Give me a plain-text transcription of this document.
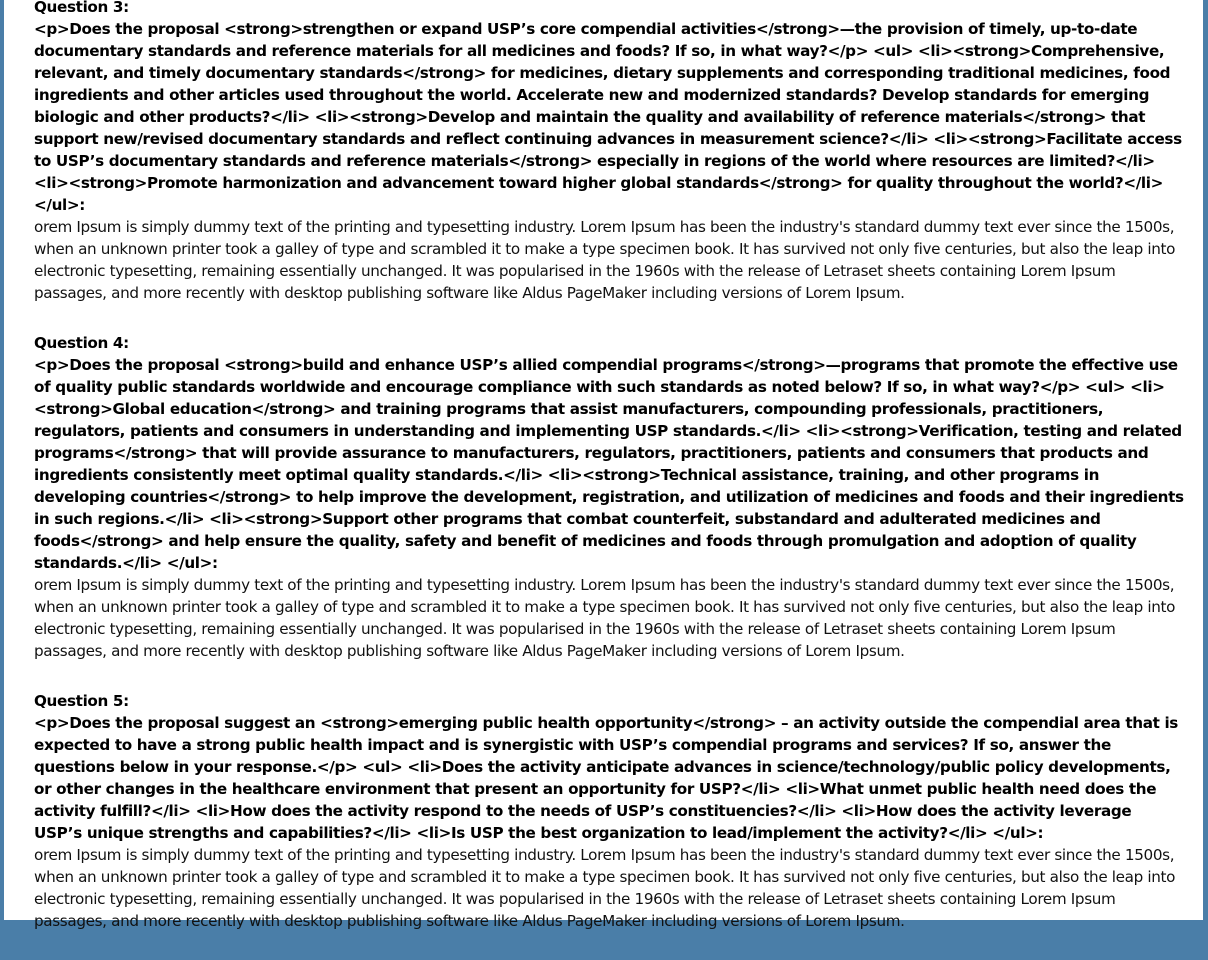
Question 3:
<p>Does the proposal <strong>strengthen or expand USP’s core compendial activities</strong>—the provision of timely, up-to-date documentary standards and reference materials for all medicines and foods? If so, in what way?</p> <ul> <li><strong>Comprehensive, relevant, and timely documentary standards</strong> for medicines, dietary supplements and corresponding traditional medicines, food ingredients and other articles used throughout the world. Accelerate new and modernized standards? Develop standards for emerging biologic and other products?</li> <li><strong>Develop and maintain the quality and availability of reference materials</strong> that support new/revised documentary standards and reflect continuing advances in measurement science?</li> <li><strong>Facilitate access to USP’s documentary standards and reference materials</strong> especially in regions of the world where resources are limited?</li> <li><strong>Promote harmonization and advancement toward higher global standards</strong> for quality throughout the world?</li> </ul>:
orem Ipsum is simply dummy text of the printing and typesetting industry. Lorem Ipsum has been the industry's standard dummy text ever since the 1500s, when an unknown printer took a galley of type and scrambled it to make a type specimen book. It has survived not only five centuries, but also the leap into electronic typesetting, remaining essentially unchanged. It was popularised in the 1960s with the release of Letraset sheets containing Lorem Ipsum passages, and more recently with desktop publishing software like Aldus PageMaker including versions of Lorem Ipsum.
Question 4:
<p>Does the proposal <strong>build and enhance USP’s allied compendial programs</strong>—programs that promote the effective use of quality public standards worldwide and encourage compliance with such standards as noted below? If so, in what way?</p> <ul> <li><strong>Global education</strong> and training programs that assist manufacturers, compounding professionals, practitioners, regulators, patients and consumers in understanding and implementing USP standards.</li> <li><strong>Verification, testing and related programs</strong> that will provide assurance to manufacturers, regulators, practitioners, patients and consumers that products and ingredients consistently meet optimal quality standards.</li> <li><strong>Technical assistance, training, and other programs in developing countries</strong> to help improve the development, registration, and utilization of medicines and foods and their ingredients in such regions.</li> <li><strong>Support other programs that combat counterfeit, substandard and adulterated medicines and foods</strong> and help ensure the quality, safety and benefit of medicines and foods through promulgation and adoption of quality standards.</li> </ul>:
orem Ipsum is simply dummy text of the printing and typesetting industry. Lorem Ipsum has been the industry's standard dummy text ever since the 1500s, when an unknown printer took a galley of type and scrambled it to make a type specimen book. It has survived not only five centuries, but also the leap into electronic typesetting, remaining essentially unchanged. It was popularised in the 1960s with the release of Letraset sheets containing Lorem Ipsum passages, and more recently with desktop publishing software like Aldus PageMaker including versions of Lorem Ipsum.
Question 5:
<p>Does the proposal suggest an <strong>emerging public health opportunity</strong> – an activity outside the compendial area that is expected to have a strong public health impact and is synergistic with USP’s compendial programs and services? If so, answer the questions below in your response.</p> <ul> <li>Does the activity anticipate advances in science/technology/public policy developments, or other changes in the healthcare environment that present an opportunity for USP?</li> <li>What unmet public health need does the activity fulfill?</li> <li>How does the activity respond to the needs of USP’s constituencies?</li> <li>How does the activity leverage USP’s unique strengths and capabilities?</li> <li>Is USP the best organization to lead/implement the activity?</li> </ul>:
orem Ipsum is simply dummy text of the printing and typesetting industry. Lorem Ipsum has been the industry's standard dummy text ever since the 1500s, when an unknown printer took a galley of type and scrambled it to make a type specimen book. It has survived not only five centuries, but also the leap into electronic typesetting, remaining essentially unchanged. It was popularised in the 1960s with the release of Letraset sheets containing Lorem Ipsum passages, and more recently with desktop publishing software like Aldus PageMaker including versions of Lorem Ipsum.
